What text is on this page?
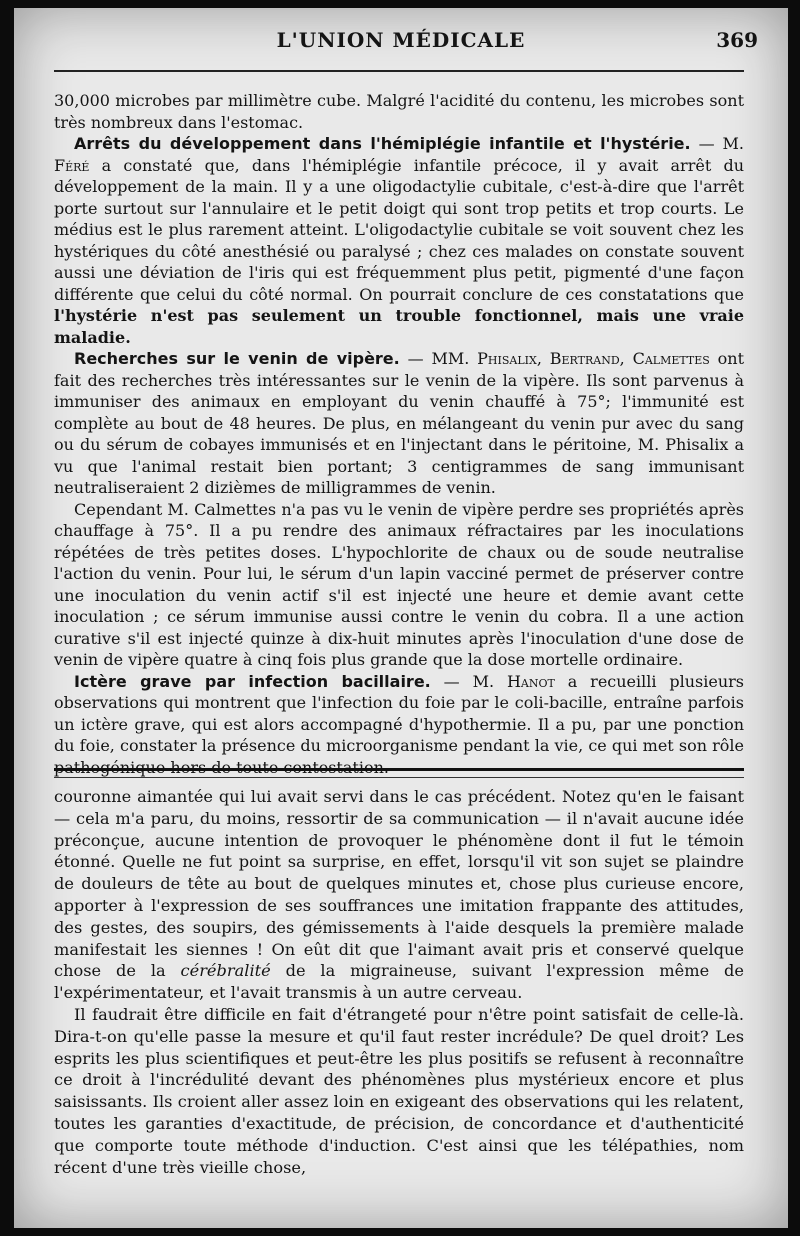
L'UNION MÉDICALE	369

30,000 microbes par millimètre cube. Malgré l'acidité du contenu, les microbes sont très nombreux dans l'estomac.

Arrêts du développement dans l'hémiplégie infantile et l'hystérie. — M. Féré a constaté que, dans l'hémiplégie infantile précoce, il y avait arrêt du développement de la main. Il y a une oligodactylie cubitale, c'est-à-dire que l'arrêt porte surtout sur l'annulaire et le petit doigt qui sont trop petits et trop courts. Le médius est le plus rarement atteint. L'oligodactylie cubitale se voit souvent chez les hystériques du côté anesthésié ou paralysé ; chez ces malades on constate souvent aussi une déviation de l'iris qui est fréquemment plus petit, pigmenté d'une façon différente que celui du côté normal. On pourrait conclure de ces constatations que l'hystérie n'est pas seulement un trouble fonctionnel, mais une vraie maladie.

Recherches sur le venin de vipère. — MM. Phisalix, Bertrand, Calmettes ont fait des recherches très intéressantes sur le venin de la vipère. Ils sont parvenus à immuniser des animaux en employant du venin chauffé à 75°; l'immunité est complète au bout de 48 heures. De plus, en mélangeant du venin pur avec du sang ou du sérum de cobayes immunisés et en l'injectant dans le péritoine, M. Phisalix a vu que l'animal restait bien portant; 3 centigrammes de sang immunisant neutraliseraient 2 dizièmes de milligrammes de venin.

Cependant M. Calmettes n'a pas vu le venin de vipère perdre ses propriétés après chauffage à 75°. Il a pu rendre des animaux réfractaires par les inoculations répétées de très petites doses. L'hypochlorite de chaux ou de soude neutralise l'action du venin. Pour lui, le sérum d'un lapin vacciné permet de préserver contre une inoculation du venin actif s'il est injecté une heure et demie avant cette inoculation ; ce sérum immunise aussi contre le venin du cobra. Il a une action curative s'il est injecté quinze à dix-huit minutes après l'inoculation d'une dose de venin de vipère quatre à cinq fois plus grande que la dose mortelle ordinaire.

Ictère grave par infection bacillaire. — M. Hanot a recueilli plusieurs observations qui montrent que l'infection du foie par le coli-bacille, entraîne parfois un ictère grave, qui est alors accompagné d'hypothermie. Il a pu, par une ponction du foie, constater la présence du microorganisme pendant la vie, ce qui met son rôle pathogénique hors de toute contestation.

couronne aimantée qui lui avait servi dans le cas précédent. Notez qu'en le faisant — cela m'a paru, du moins, ressortir de sa communication — il n'avait aucune idée préconçue, aucune intention de provoquer le phénomène dont il fut le témoin étonné. Quelle ne fut point sa surprise, en effet, lorsqu'il vit son sujet se plaindre de douleurs de tête au bout de quelques minutes et, chose plus curieuse encore, apporter à l'expression de ses souffrances une imitation frappante des attitudes, des gestes, des soupirs, des gémissements à l'aide desquels la première malade manifestait les siennes ! On eût dit que l'aimant avait pris et conservé quelque chose de la cérébralité de la migraineuse, suivant l'expression même de l'expérimentateur, et l'avait transmis à un autre cerveau.

Il faudrait être difficile en fait d'étrangeté pour n'être point satisfait de celle-là. Dira-t-on qu'elle passe la mesure et qu'il faut rester incrédule? De quel droit? Les esprits les plus scientifiques et peut-être les plus positifs se refusent à reconnaître ce droit à l'incrédulité devant des phénomènes plus mystérieux encore et plus saisissants. Ils croient aller assez loin en exigeant des observations qui les relatent, toutes les garanties d'exactitude, de précision, de concordance et d'authenticité que comporte toute méthode d'induction. C'est ainsi que les télépathies, nom récent d'une très vieille chose,
